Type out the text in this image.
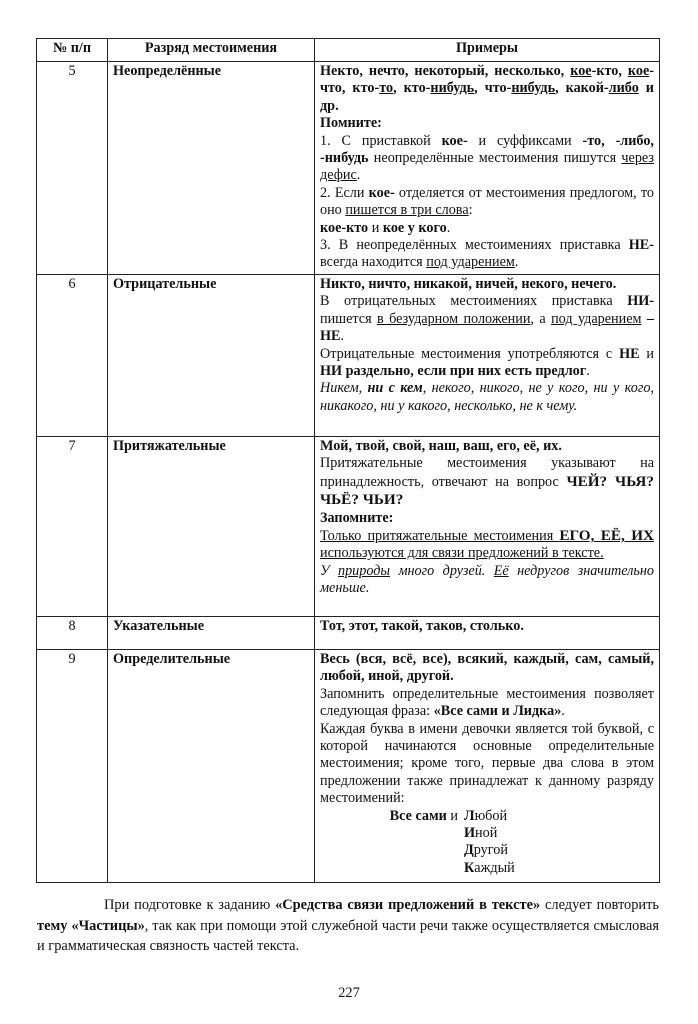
№ п/п	Разряд местоимения	Примеры
5	Неопределённые	Некто, нечто, некоторый, несколько, кое-кто, кое-что, кто-то, кто-нибудь, что-нибудь, какой-либо и др.
Помните:
1. С приставкой кое- и суффиксами -то, -либо, -нибудь неопределённые местоимения пишутся через дефис.
2. Если кое- отделяется от местоимения предлогом, то оно пишется в три слова:
кое-кто и кое у кого.
3. В неопределённых местоимениях приставка НЕ- всегда находится под ударением.

6	Отрицательные	Никто, ничто, никакой, ничей, некого, нечего.
В отрицательных местоимениях приставка НИ- пишется в безударном положении, а под ударением – НЕ.
Отрицательные местоимения употребляются с НЕ и НИ раздельно, если при них есть предлог.
Никем, ни с кем, некого, никого, не у кого, ни у кого, никакого, ни у какого, несколько, не к чему.

7	Притяжательные	Мой, твой, свой, наш, ваш, его, её, их.
Притяжательные местоимения указывают на принадлежность, отвечают на вопрос ЧЕЙ? ЧЬЯ? ЧЬЁ? ЧЬИ?
Запомните:
Только притяжательные местоимения ЕГО, ЕЁ, ИХ используются для связи предложений в тексте.
У природы много друзей. Её недругов значительно меньше.

8	Указательные	Тот, этот, такой, таков, столько.

9	Определительные	Весь (вся, всё, все), всякий, каждый, сам, самый, любой, иной, другой.
Запомнить определительные местоимения позволяет следующая фраза: «Все сами и Лидка».
Каждая буква в имени девочки является той буквой, с которой начинаются основные определительные местоимения; кроме того, первые два слова в этом предложении также принадлежат к данному разряду местоимений:
Все сами и Любой
Иной
Другой
Каждый
При подготовке к заданию «Средства связи предложений в тексте» следует повторить тему «Частицы», так как при помощи этой служебной части речи также осуществляется смысловая и грамматическая связность частей текста.
227
